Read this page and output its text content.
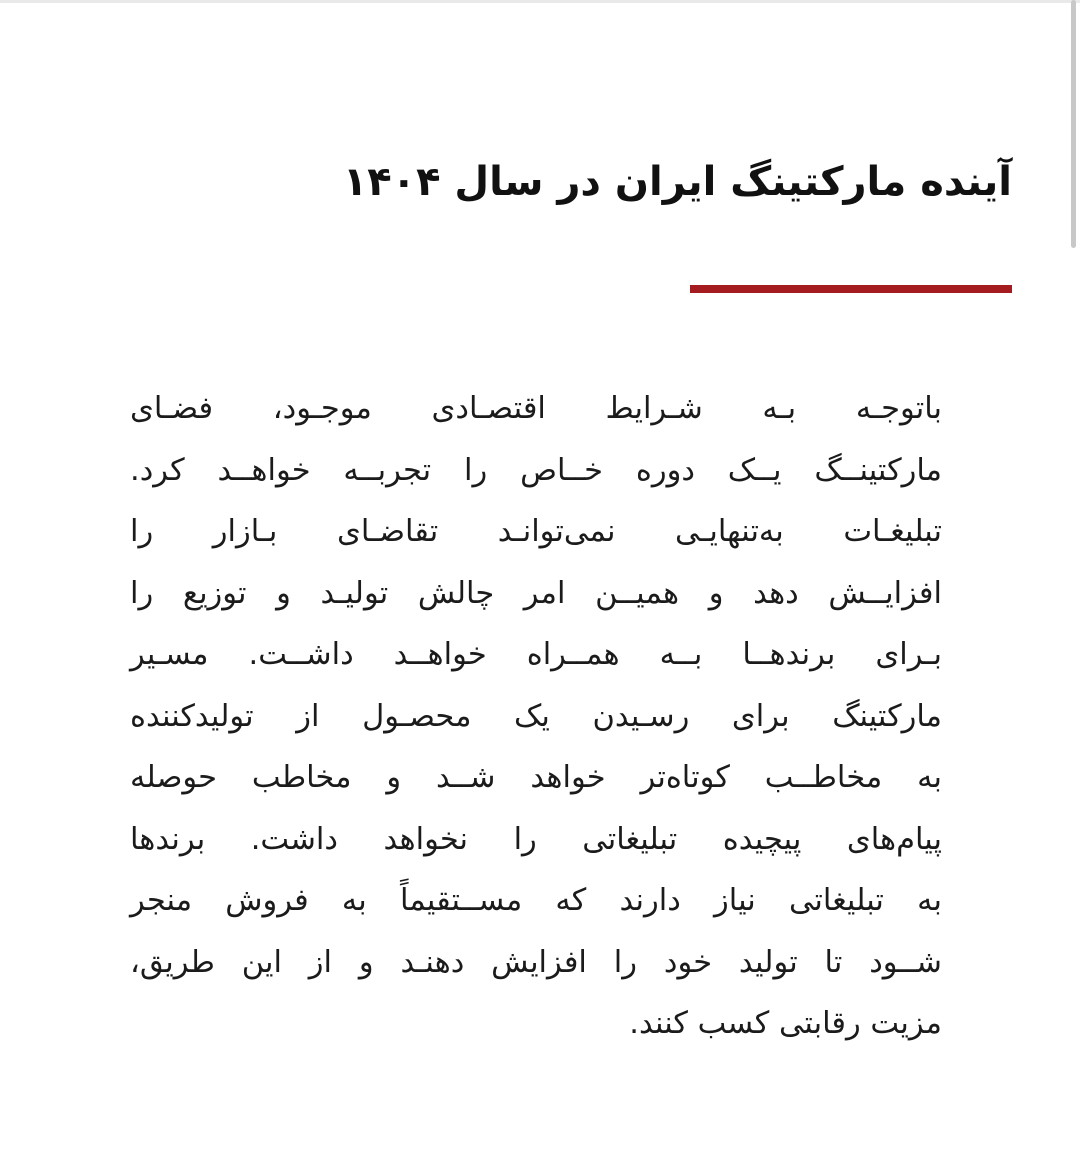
آینده مارکتینگ ایران در سال ۱۴۰۴
باتوجـه بـه شـرایط اقتصـادی موجـود، فضـای
مارکتینــگ یــک دوره خــاص را تجربــه خواهــد کرد.
تبلیغـات به‌تنهایـی نمی‌توانـد تقاضـای بـازار را
افزایــش دهد و همیــن امر چالش تولیـد و توزیع را
بـرای برندهــا بــه همــراه خواهــد داشــت. مسـیر
مارکتینگ برای رسـیدن یک محصـول از تولیدکننده
به مخاطــب کوتاه‌تر خواهد شــد و مخاطب حوصله
پیام‌های پیچیده تبلیغاتی را نخواهد داشت. برندها
به تبلیغاتی نیاز دارند که مســتقیماً به فروش منجر
شــود تا تولید خود را افزایش دهنـد و از این طریق،
مزیت رقابتی کسب کنند.
